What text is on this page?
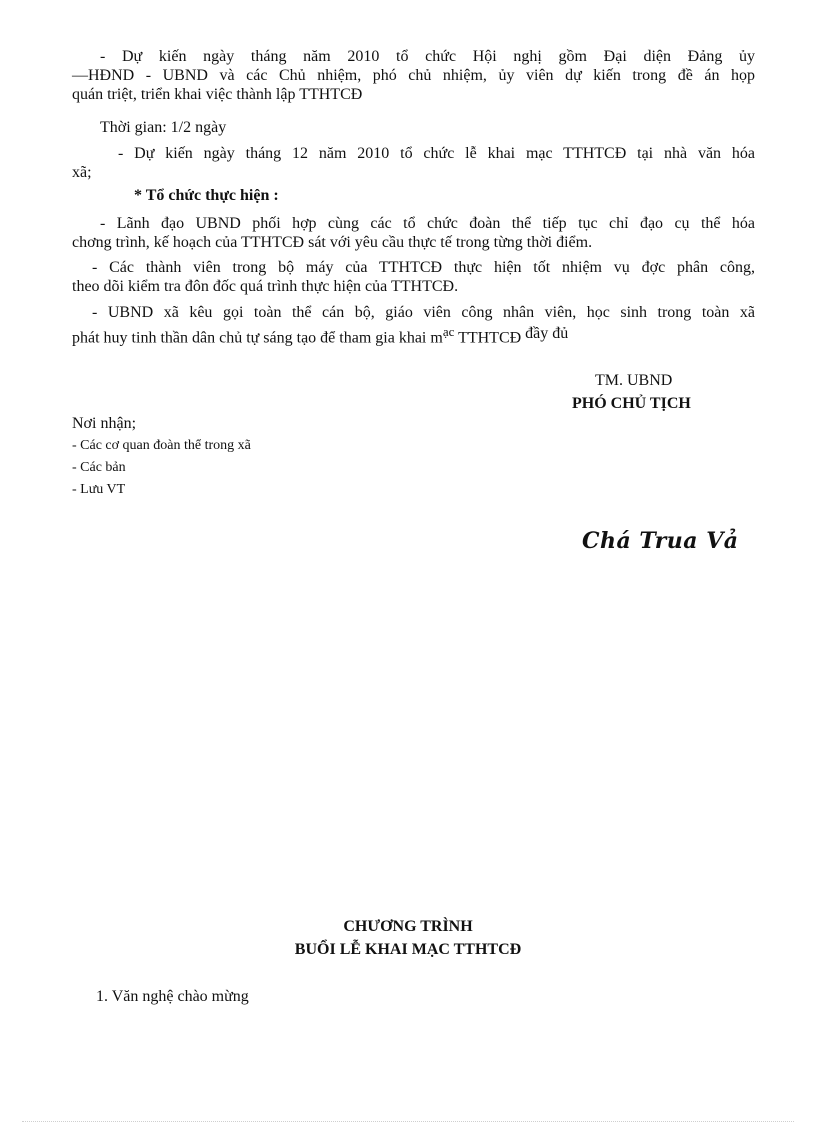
- Dự kiến ngày tháng năm 2010 tổ chức Hội nghị gồm Đại diện Đảng ủy
—HĐND - UBND và các Chủ nhiệm, phó chủ nhiệm, ủy viên dự kiến trong đề án họp
quán triệt, triển khai việc thành lập TTHTCĐ
Thời gian: 1/2 ngày
- Dự kiến ngày tháng 12 năm 2010 tổ chức lễ khai mạc TTHTCĐ tại nhà văn hóa
xã;
* Tổ chức thực hiện :
- Lãnh đạo UBND phối hợp cùng các tổ chức đoàn thể tiếp tục chỉ đạo cụ thể hóa
chơng trình, kế hoạch của TTHTCĐ sát với yêu cầu thực tế trong từng thời điểm.
- Các thành viên trong bộ máy của TTHTCĐ thực hiện tốt nhiệm vụ đợc phân công,
theo dõi kiểm tra đôn đốc quá trình thực hiện của TTHTCĐ.
- UBND xã kêu gọi toàn thể cán bộ, giáo viên công nhân viên, học sinh trong toàn xã
phát huy tinh thần dân chủ tự sáng tạo để tham gia khai $m^{ạc}$ TTHTCĐ đầy đủ
TM. UBND
PHÓ CHỦ TỊCH
Nơi nhận;
- Các cơ quan đoàn thể trong xã
- Các bản
- Lưu VT
Chá Trua Vả
CHƯƠNG TRÌNH
BUỔI LỄ KHAI MẠC TTHTCĐ
1. Văn nghệ chào mừng
